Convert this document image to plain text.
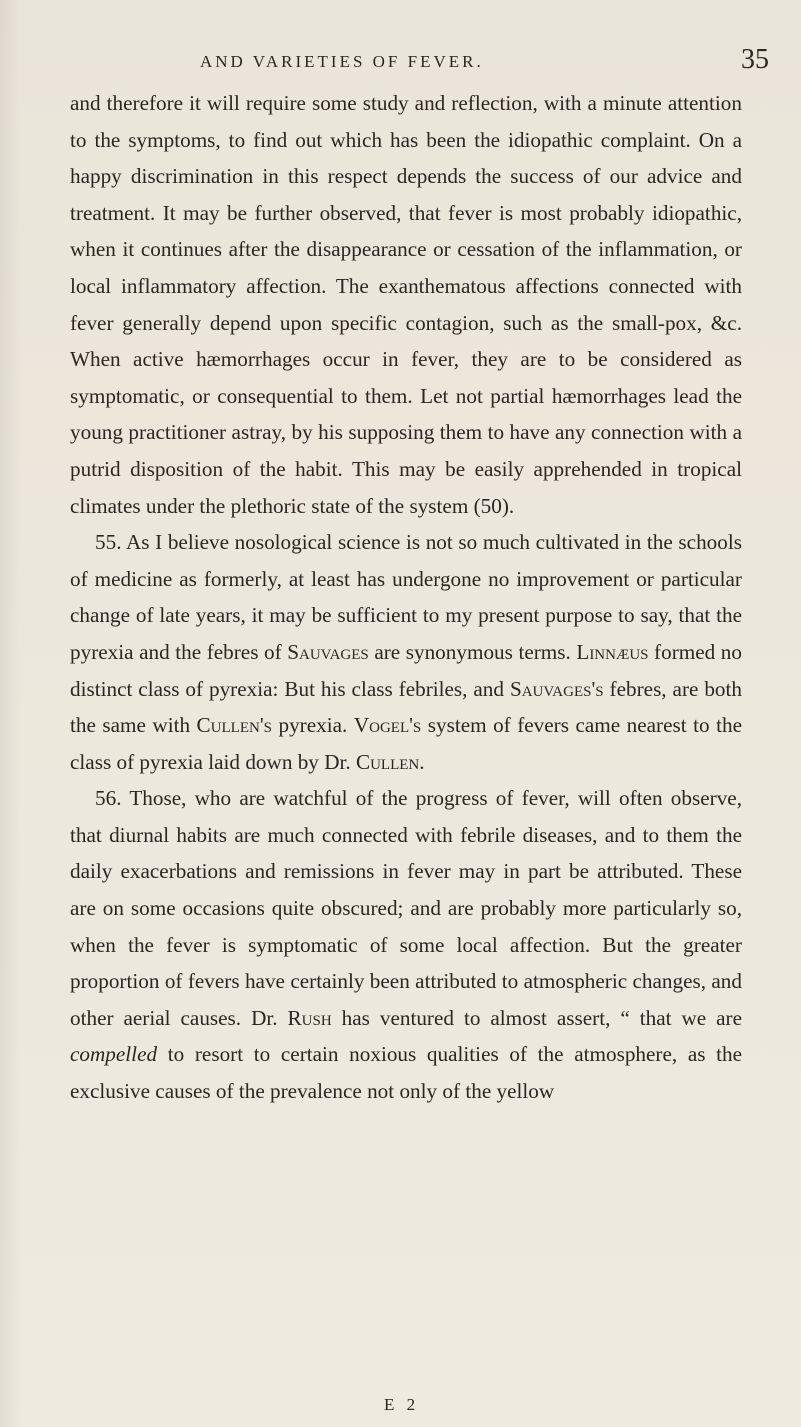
AND VARIETIES OF FEVER.	35

and therefore it will require some study and reflection, with a minute attention to the symptoms, to find out which has been the idiopathic complaint. On a happy discrimination in this respect depends the success of our advice and treatment. It may be further observed, that fever is most probably idiopathic, when it continues after the disappearance or cessation of the inflammation, or local inflammatory affection. The exanthematous affections connected with fever generally depend upon specific contagion, such as the small-pox, &c. When active hæmorrhages occur in fever, they are to be considered as symptomatic, or consequential to them. Let not partial hæmorrhages lead the young practitioner astray, by his supposing them to have any connection with a putrid disposition of the habit. This may be easily apprehended in tropical climates under the plethoric state of the system (50).

55. As I believe nosological science is not so much cultivated in the schools of medicine as formerly, at least has undergone no improvement or particular change of late years, it may be sufficient to my present purpose to say, that the pyrexia and the febres of Sauvages are synonymous terms. Linnæus formed no distinct class of pyrexia: But his class febriles, and Sauvages's febres, are both the same with Cullen's pyrexia. Vogel's system of fevers came nearest to the class of pyrexia laid down by Dr. Cullen.

56. Those, who are watchful of the progress of fever, will often observe, that diurnal habits are much connected with febrile diseases, and to them the daily exacerbations and remissions in fever may in part be attributed. These are on some occasions quite obscured; and are probably more particularly so, when the fever is symptomatic of some local affection. But the greater proportion of fevers have certainly been attributed to atmospheric changes, and other aerial causes. Dr. Rush has ventured to almost assert, “ that we are compelled to resort to certain noxious qualities of the atmosphere, as the exclusive causes of the prevalence not only of the yellow

E 2
